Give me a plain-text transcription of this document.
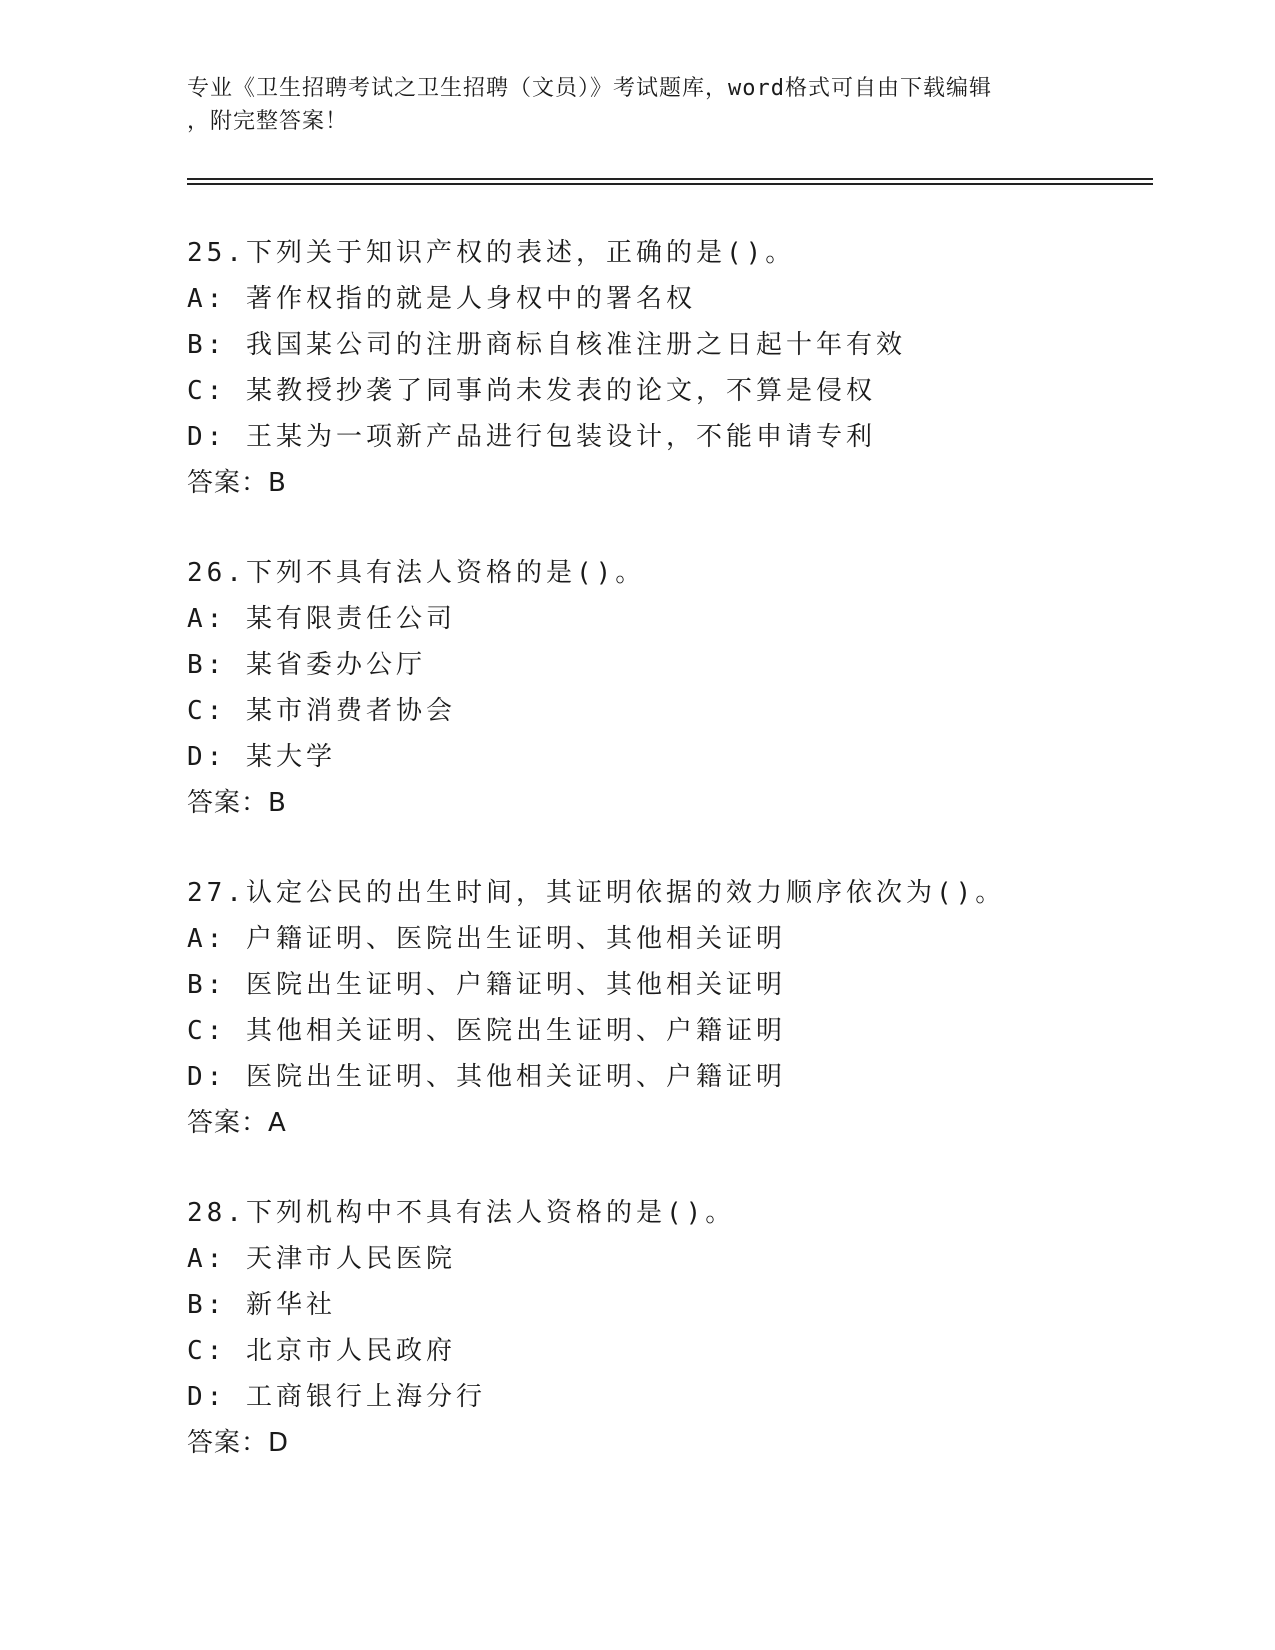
专业《卫生招聘考试之卫生招聘（文员）》考试题库，word格式可自由下载编辑
，附完整答案！
25.下列关于知识产权的表述，正确的是()。
A: 著作权指的就是人身权中的署名权
B: 我国某公司的注册商标自核准注册之日起十年有效
C: 某教授抄袭了同事尚未发表的论文，不算是侵权
D: 王某为一项新产品进行包装设计，不能申请专利
答案：B
26.下列不具有法人资格的是()。
A: 某有限责任公司
B: 某省委办公厅
C: 某市消费者协会
D: 某大学
答案：B
27.认定公民的出生时间，其证明依据的效力顺序依次为()。
A: 户籍证明、医院出生证明、其他相关证明
B: 医院出生证明、户籍证明、其他相关证明
C: 其他相关证明、医院出生证明、户籍证明
D: 医院出生证明、其他相关证明、户籍证明
答案：A
28.下列机构中不具有法人资格的是()。
A: 天津市人民医院
B: 新华社
C: 北京市人民政府
D: 工商银行上海分行
答案：D
